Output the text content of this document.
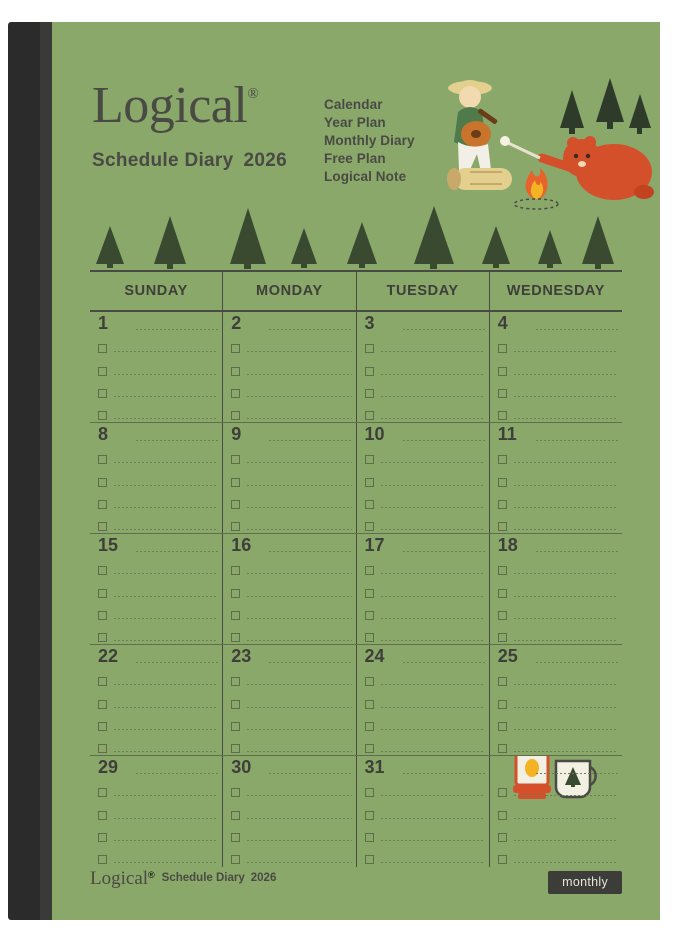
Logical®
Schedule Diary 2026
Calendar
Year Plan
Monthly Diary
Free Plan
Logical Note
SUNDAY	MONDAY	TUESDAY	WEDNESDAY
1	2	3	4
8	9	10	11
15	16	17	18
22	23	24	25
29	30	31
Logical® Schedule Diary 2026	monthly
